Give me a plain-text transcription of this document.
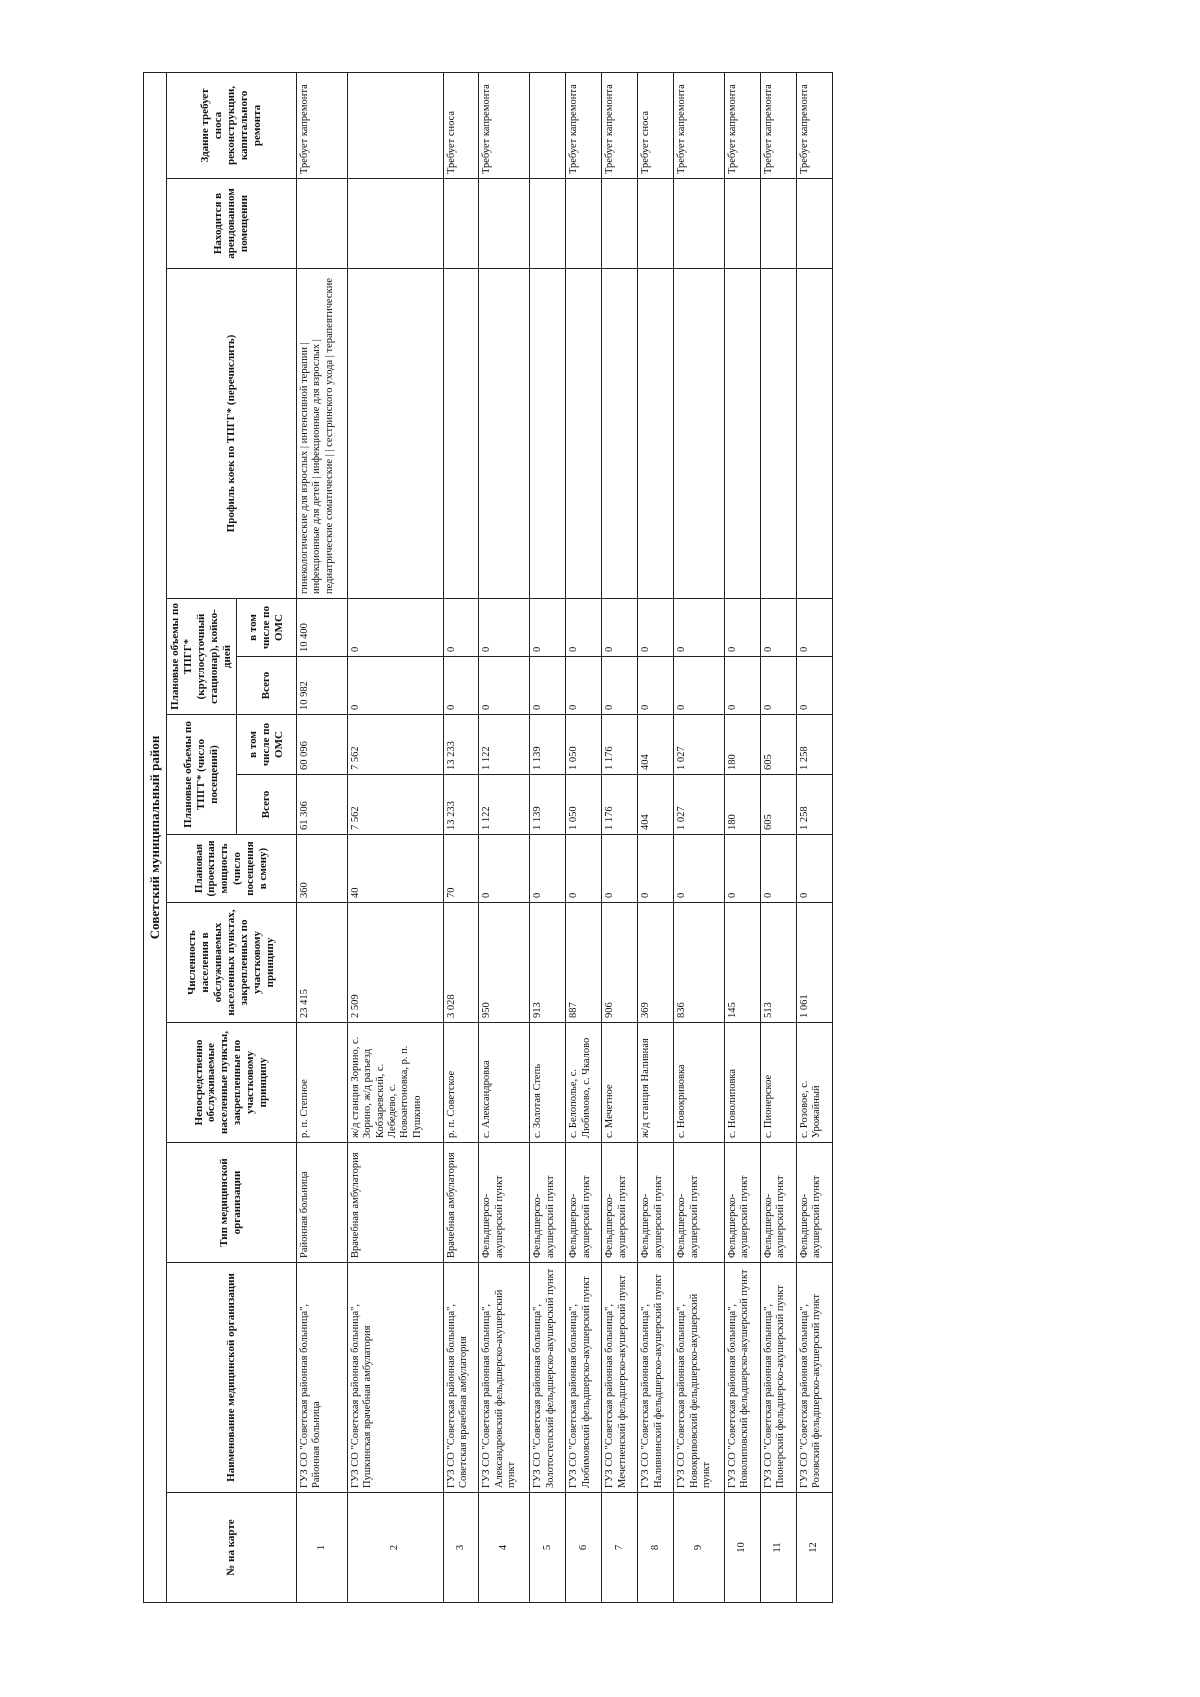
Советский муниципальный район												
№ на карте	Наименование медицинской организации	Тип медицинской организации	Непосредственно обслуживаемые населенные пункты, закрепленные по участковому принципу	Численность населения в обслуживаемых населенных пунктах, закрепленных по участковому принципу	Плановая (проектная мощность (число посещения в смену)	Плановые объемы по ТПГГ* (число посещений)		Плановые объемы по ТПГГ* (круглосуточный стационар), койко-дней		Профиль коек по ТПГГ* (перечислить)	Находится в арендованном помещении	Здание требует сноса реконструкции, капитального ремонта
						Всего	в том числе по ОМС	Всего	в том числе по ОМС			
1	ГУЗ СО "Советская районная больница", Районная больница	Районная больница	р. п. Степное	23 415	360	61 306	60 096	10 982	10 400	гинекологические для взрослых | интенсивной терапии | инфекционные для детей | инфекционные для взрослых | педиатрические соматические | | сестринского ухода | терапевтические		Требует капремонта
2	ГУЗ СО "Советская районная больница", Пушкинская врачебная амбулатория	Врачебная амбулатория	ж/д станция Зорино, с. Зорино, ж/д разъезд Кобзаревский, с. Лебедево, с. Новоантоновка, р. п. Пушкино	2 509	40	7 562	7 562	0	0			
3	ГУЗ СО "Советская районная больница", Советская врачебная амбулатория	Врачебная амбулатория	р. п. Советское	3 028	70	13 233	13 233	0	0			Требует сноса
4	ГУЗ СО "Советская районная больница", Александровский фельдшерско-акушерский пункт	Фельдшерско-акушерский пункт	с. Александровка	950	0	1 122	1 122	0	0			Требует капремонта
5	ГУЗ СО "Советская районная больница", Золотостепский фельдшерско-акушерский пункт	Фельдшерско-акушерский пункт	с. Золотая Степь	913	0	1 139	1 139	0	0			
6	ГУЗ СО "Советская районная больница", Любимовский фельдшерско-акушерский пункт	Фельдшерско-акушерский пункт	с. Белополье, с. Любимово, с. Чкалово	887	0	1 050	1 050	0	0			Требует капремонта
7	ГУЗ СО "Советская районная больница", Мечетненский фельдшерско-акушерский пункт	Фельдшерско-акушерский пункт	с. Мечетное	906	0	1 176	1 176	0	0			Требует капремонта
8	ГУЗ СО "Советская районная больница", Наливнинский фельдшерско-акушерский пункт	Фельдшерско-акушерский пункт	ж/д станция Наливная	369	0	404	404	0	0			Требует сноса
9	ГУЗ СО "Советская районная больница", Новокривовский фельдшерско-акушерский пункт	Фельдшерско-акушерский пункт	с. Новокривовка	836	0	1 027	1 027	0	0			Требует капремонта
10	ГУЗ СО "Советская районная больница", Новолиповский фельдшерско-акушерский пункт	Фельдшерско-акушерский пункт	с. Новолиповка	145	0	180	180	0	0			Требует капремонта
11	ГУЗ СО "Советская районная больница", Пионерский фельдшерско-акушерский пункт	Фельдшерско-акушерский пункт	с. Пионерское	513	0	605	605	0	0			Требует капремонта
12	ГУЗ СО "Советская районная больница", Розовский фельдшерско-акушерский пункт	Фельдшерско-акушерский пункт	с. Розовое, с. Урожайный	1 061	0	1 258	1 258	0	0			Требует капремонта
